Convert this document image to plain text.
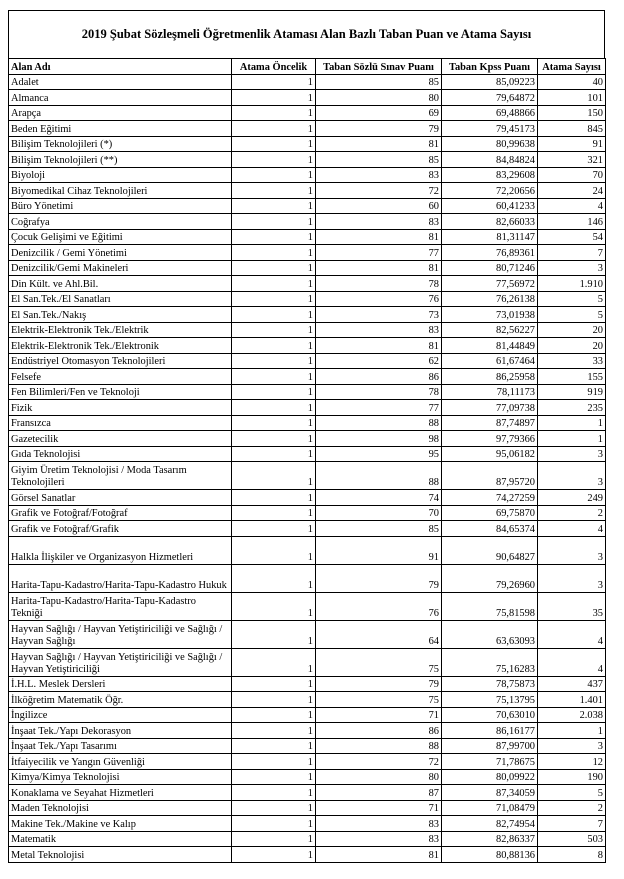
2019 Şubat Sözleşmeli Öğretmenlik Ataması Alan Bazlı Taban Puan ve Atama Sayısı
Alan Adı	Atama Öncelik	Taban Sözlü Sınav Puanı	Taban Kpss Puanı	Atama Sayısı
Adalet	1	85	85,09223	40
Almanca	1	80	79,64872	101
Arapça	1	69	69,48866	150
Beden Eğitimi	1	79	79,45173	845
Bilişim Teknolojileri (*)	1	81	80,99638	91
Bilişim Teknolojileri (**)	1	85	84,84824	321
Biyoloji	1	83	83,29608	70
Biyomedikal Cihaz Teknolojileri	1	72	72,20656	24
Büro Yönetimi	1	60	60,41233	4
Coğrafya	1	83	82,66033	146
Çocuk Gelişimi ve Eğitimi	1	81	81,31147	54
Denizcilik / Gemi Yönetimi	1	77	76,89361	7
Denizcilik/Gemi Makineleri	1	81	80,71246	3
Din Kült. ve Ahl.Bil.	1	78	77,56972	1.910
El San.Tek./El Sanatları	1	76	76,26138	5
El San.Tek./Nakış	1	73	73,01938	5
Elektrik-Elektronik Tek./Elektrik	1	83	82,56227	20
Elektrik-Elektronik Tek./Elektronik	1	81	81,44849	20
Endüstriyel Otomasyon Teknolojileri	1	62	61,67464	33
Felsefe	1	86	86,25958	155
Fen Bilimleri/Fen ve Teknoloji	1	78	78,11173	919
Fizik	1	77	77,09738	235
Fransızca	1	88	87,74897	1
Gazetecilik	1	98	97,79366	1
Gıda Teknolojisi	1	95	95,06182	3
Giyim Üretim Teknolojisi / Moda Tasarım Teknolojileri	1	88	87,95720	3
Görsel Sanatlar	1	74	74,27259	249
Grafik ve Fotoğraf/Fotoğraf	1	70	69,75870	2
Grafik ve Fotoğraf/Grafik	1	85	84,65374	4
Halkla İlişkiler ve Organizasyon Hizmetleri	1	91	90,64827	3
Harita-Tapu-Kadastro/Harita-Tapu-Kadastro Hukuk	1	79	79,26960	3
Harita-Tapu-Kadastro/Harita-Tapu-Kadastro Tekniği	1	76	75,81598	35
Hayvan Sağlığı / Hayvan Yetiştiriciliği ve Sağlığı / Hayvan Sağlığı	1	64	63,63093	4
Hayvan Sağlığı / Hayvan Yetiştiriciliği ve Sağlığı / Hayvan Yetiştiriciliği	1	75	75,16283	4
İ.H.L. Meslek Dersleri	1	79	78,75873	437
İlköğretim Matematik Öğr.	1	75	75,13795	1.401
İngilizce	1	71	70,63010	2.038
İnşaat Tek./Yapı Dekorasyon	1	86	86,16177	1
İnşaat Tek./Yapı Tasarımı	1	88	87,99700	3
İtfaiyecilik ve Yangın Güvenliği	1	72	71,78675	12
Kimya/Kimya Teknolojisi	1	80	80,09922	190
Konaklama ve Seyahat Hizmetleri	1	87	87,34059	5
Maden Teknolojisi	1	71	71,08479	2
Makine Tek./Makine ve Kalıp	1	83	82,74954	7
Matematik	1	83	82,86337	503
Metal Teknolojisi	1	81	80,88136	8
